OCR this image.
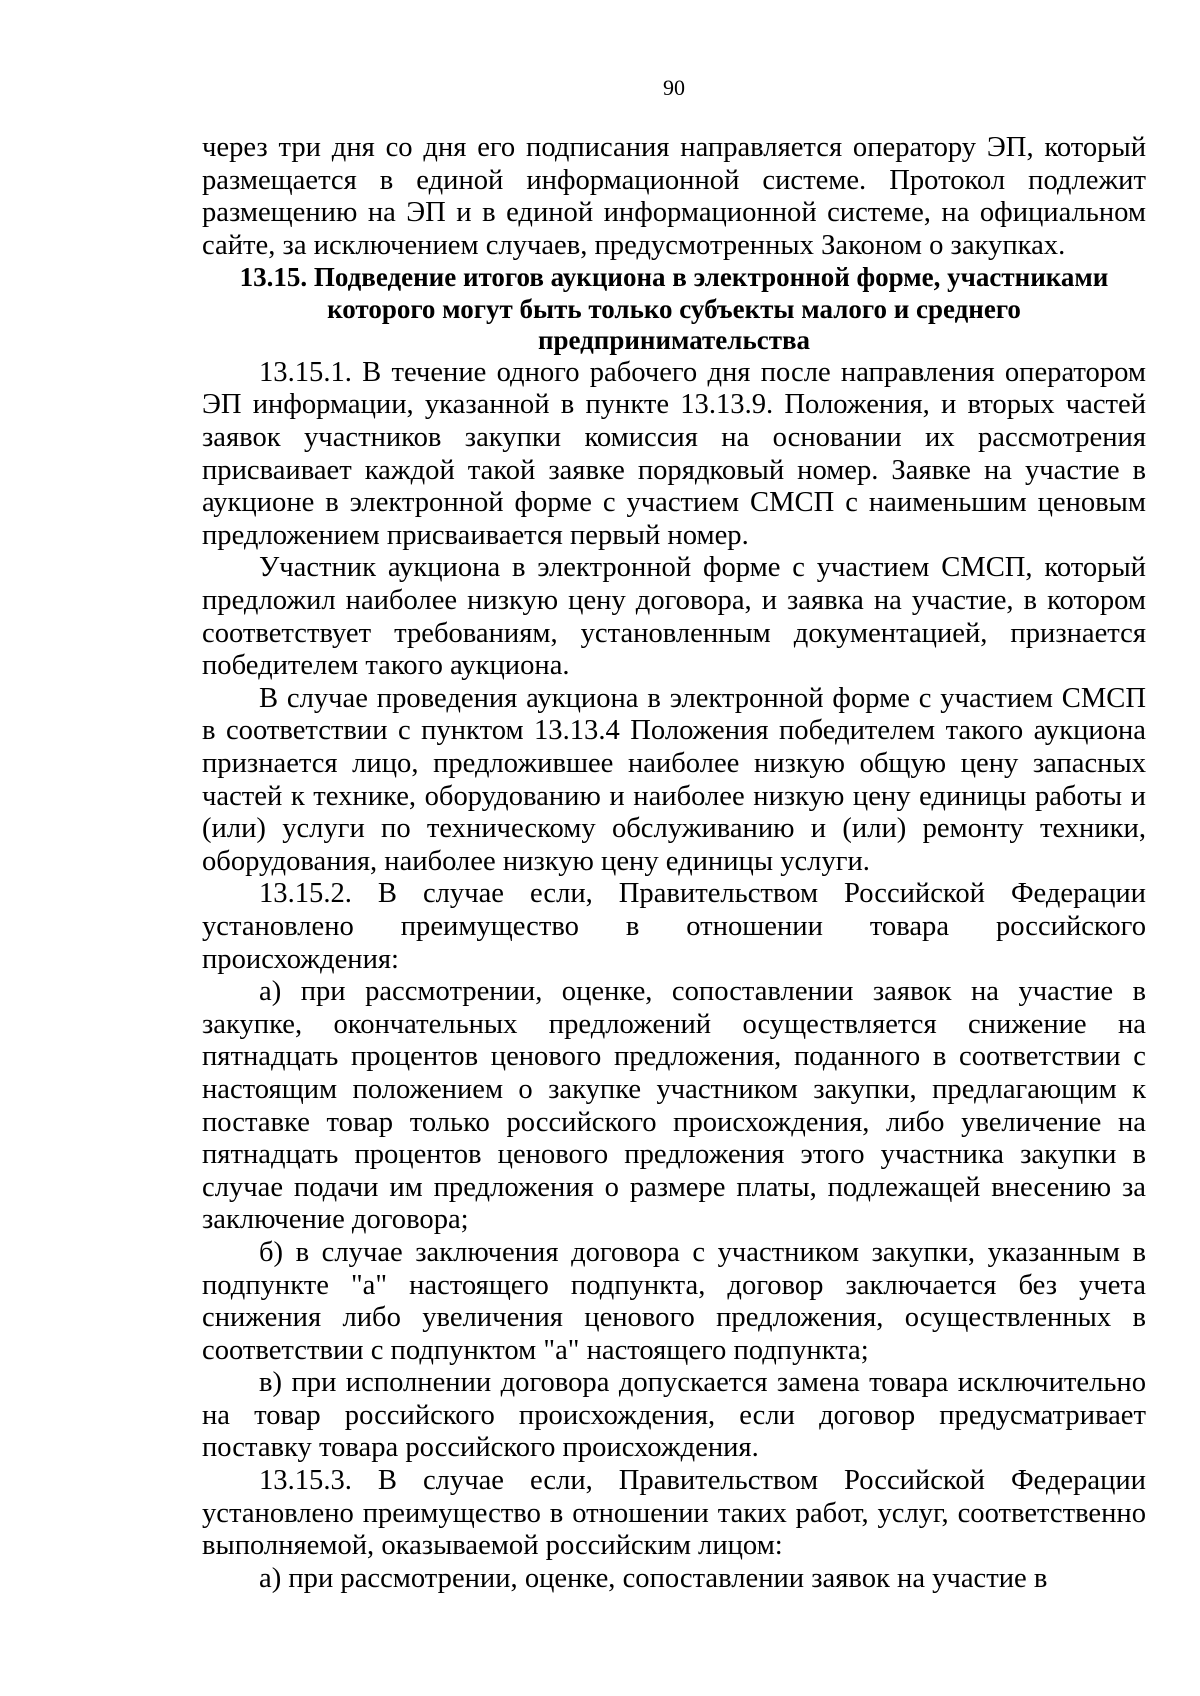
90

через три дня со дня его подписания направляется оператору ЭП, который размещается в единой информационной системе. Протокол подлежит размещению на ЭП и в единой информационной системе, на официальном сайте, за исключением случаев, предусмотренных Законом о закупках.

13.15. Подведение итогов аукциона в электронной форме, участниками которого могут быть только субъекты малого и среднего предпринимательства

13.15.1. В течение одного рабочего дня после направления оператором ЭП информации, указанной в пункте 13.13.9. Положения, и вторых частей заявок участников закупки комиссия на основании их рассмотрения присваивает каждой такой заявке порядковый номер. Заявке на участие в аукционе в электронной форме с участием СМСП с наименьшим ценовым предложением присваивается первый номер.

Участник аукциона в электронной форме с участием СМСП, который предложил наиболее низкую цену договора, и заявка на участие, в котором соответствует требованиям, установленным документацией, признается победителем такого аукциона.

В случае проведения аукциона в электронной форме с участием СМСП в соответствии с пунктом 13.13.4 Положения победителем такого аукциона признается лицо, предложившее наиболее низкую общую цену запасных частей к технике, оборудованию и наиболее низкую цену единицы работы и (или) услуги по техническому обслуживанию и (или) ремонту техники, оборудования, наиболее низкую цену единицы услуги.

13.15.2. В случае если, Правительством Российской Федерации установлено преимущество в отношении товара российского происхождения:

а) при рассмотрении, оценке, сопоставлении заявок на участие в закупке, окончательных предложений осуществляется снижение на пятнадцать процентов ценового предложения, поданного в соответствии с настоящим положением о закупке участником закупки, предлагающим к поставке товар только российского происхождения, либо увеличение на пятнадцать процентов ценового предложения этого участника закупки в случае подачи им предложения о размере платы, подлежащей внесению за заключение договора;

б) в случае заключения договора с участником закупки, указанным в подпункте "а" настоящего подпункта, договор заключается без учета снижения либо увеличения ценового предложения, осуществленных в соответствии с подпунктом "а" настоящего подпункта;

в) при исполнении договора допускается замена товара исключительно на товар российского происхождения, если договор предусматривает поставку товара российского происхождения.

13.15.3. В случае если, Правительством Российской Федерации установлено преимущество в отношении таких работ, услуг, соответственно выполняемой, оказываемой российским лицом:

а) при рассмотрении, оценке, сопоставлении заявок на участие в
